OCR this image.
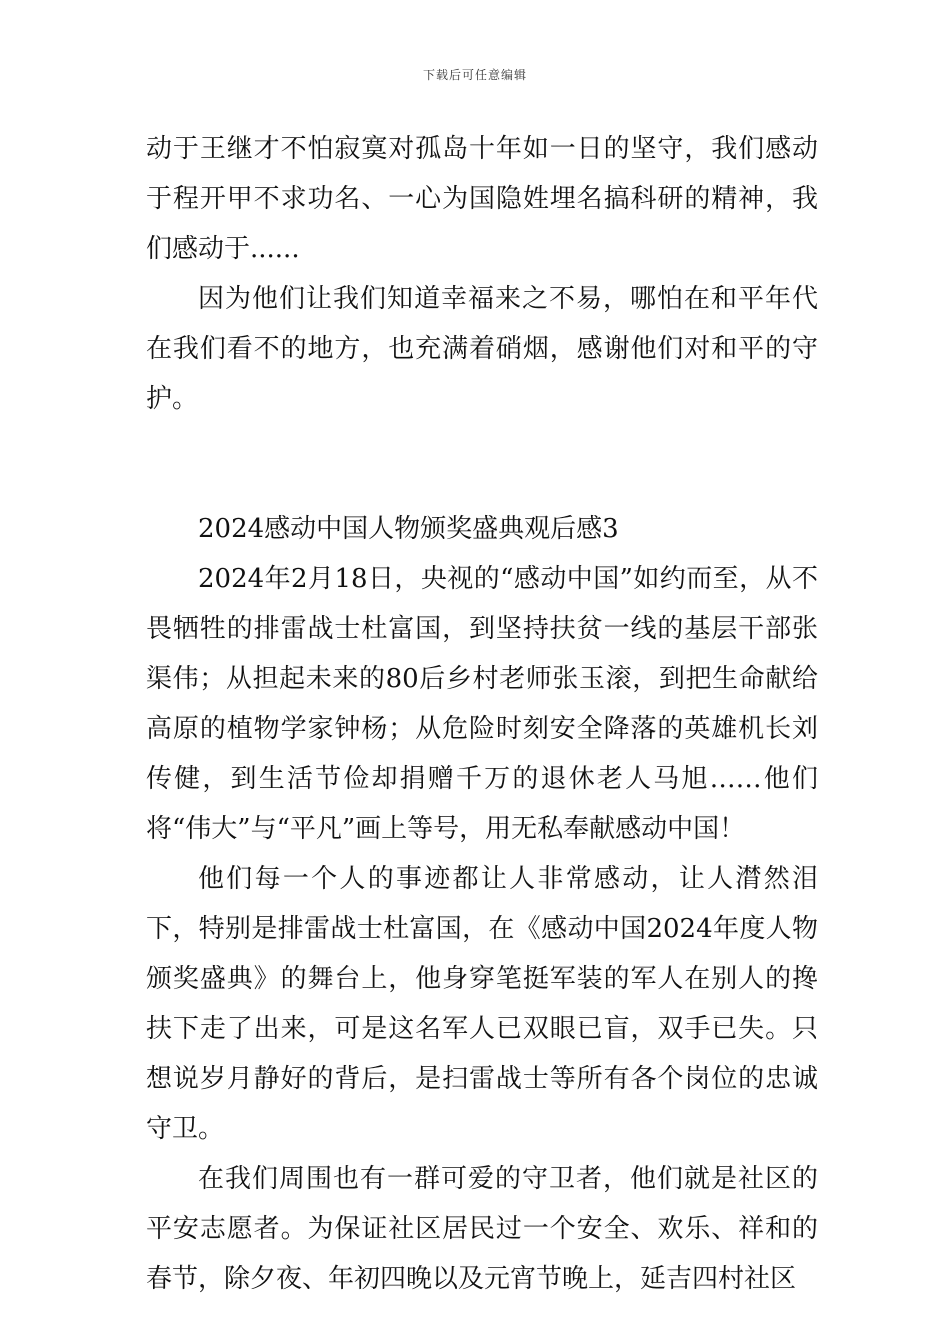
下载后可任意编辑

动于王继才不怕寂寞对孤岛十年如一日的坚守，我们感动于程开甲不求功名、一心为国隐姓埋名搞科研的精神，我们感动于......

因为他们让我们知道幸福来之不易，哪怕在和平年代在我们看不的地方，也充满着硝烟，感谢他们对和平的守护。

2024感动中国人物颁奖盛典观后感3

2024年2月18日，央视的“感动中国”如约而至，从不畏牺牲的排雷战士杜富国，到坚持扶贫一线的基层干部张渠伟；从担起未来的80后乡村老师张玉滚，到把生命献给高原的植物学家钟杨；从危险时刻安全降落的英雄机长刘传健，到生活节俭却捐赠千万的退休老人马旭……他们将“伟大”与“平凡”画上等号，用无私奉献感动中国！

他们每一个人的事迹都让人非常感动，让人潸然泪下，特别是排雷战士杜富国，在《感动中国2024年度人物颁奖盛典》的舞台上，他身穿笔挺军装的军人在别人的搀扶下走了出来，可是这名军人已双眼已盲，双手已失。只想说岁月静好的背后，是扫雷战士等所有各个岗位的忠诚守卫。

在我们周围也有一群可爱的守卫者，他们就是社区的平安志愿者。为保证社区居民过一个安全、欢乐、祥和的春节，除夕夜、年初四晚以及元宵节晚上，延吉四村社区
